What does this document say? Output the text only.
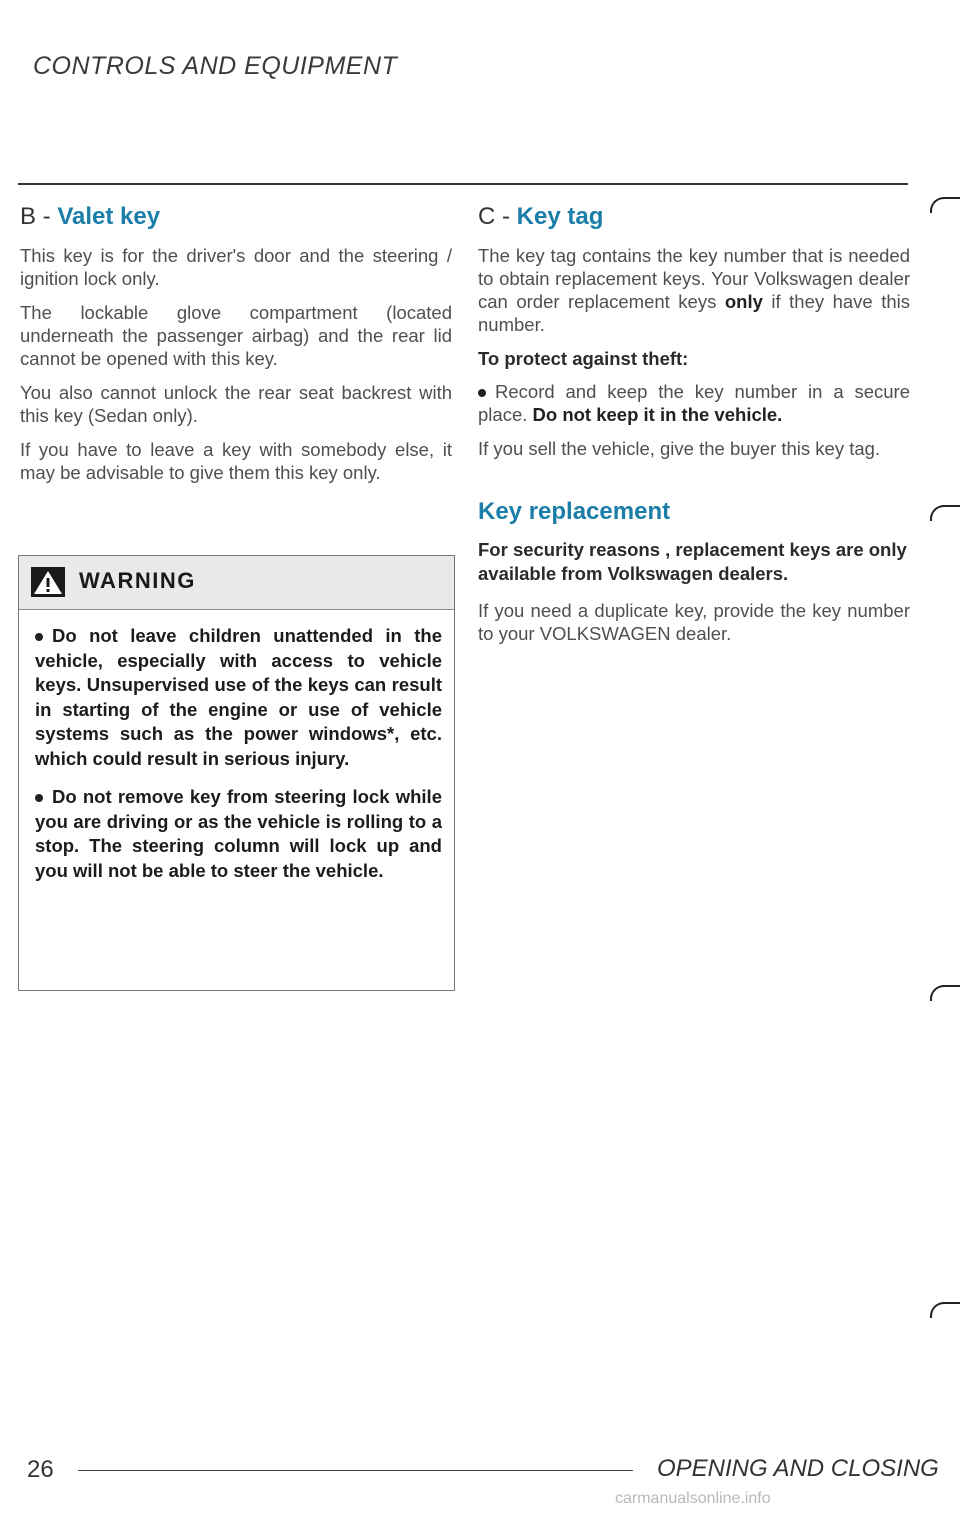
CONTROLS AND EQUIPMENT
B - Valet key

This key is for the driver's door and the steering / ignition lock only.

The lockable glove compartment (located underneath the passenger airbag) and the rear lid cannot be opened with this key.

You also cannot unlock the rear seat backrest with this key (Sedan only).

If you have to leave a key with somebody else, it may be advisable to give them this key only.

WARNING

Do not leave children unattended in the vehicle, especially with access to vehicle keys. Unsupervised use of the keys can result in starting of the engine or use of vehicle systems such as the power windows*, etc. which could result in serious injury.

Do not remove key from steering lock while you are driving or as the vehicle is rolling to a stop. The steering column will lock up and you will not be able to steer the vehicle.

C - Key tag

The key tag contains the key number that is needed to obtain replacement keys. Your Volkswagen dealer can order replacement keys only if they have this number.

To protect against theft:

Record and keep the key number in a secure place. Do not keep it in the vehicle.

If you sell the vehicle, give the buyer this key tag.

Key replacement

For security reasons , replacement keys are only available from Volkswagen dealers.

If you need a duplicate key, provide the key number to your VOLKSWAGEN dealer.

26	OPENING AND CLOSING
carmanualsonline.info
